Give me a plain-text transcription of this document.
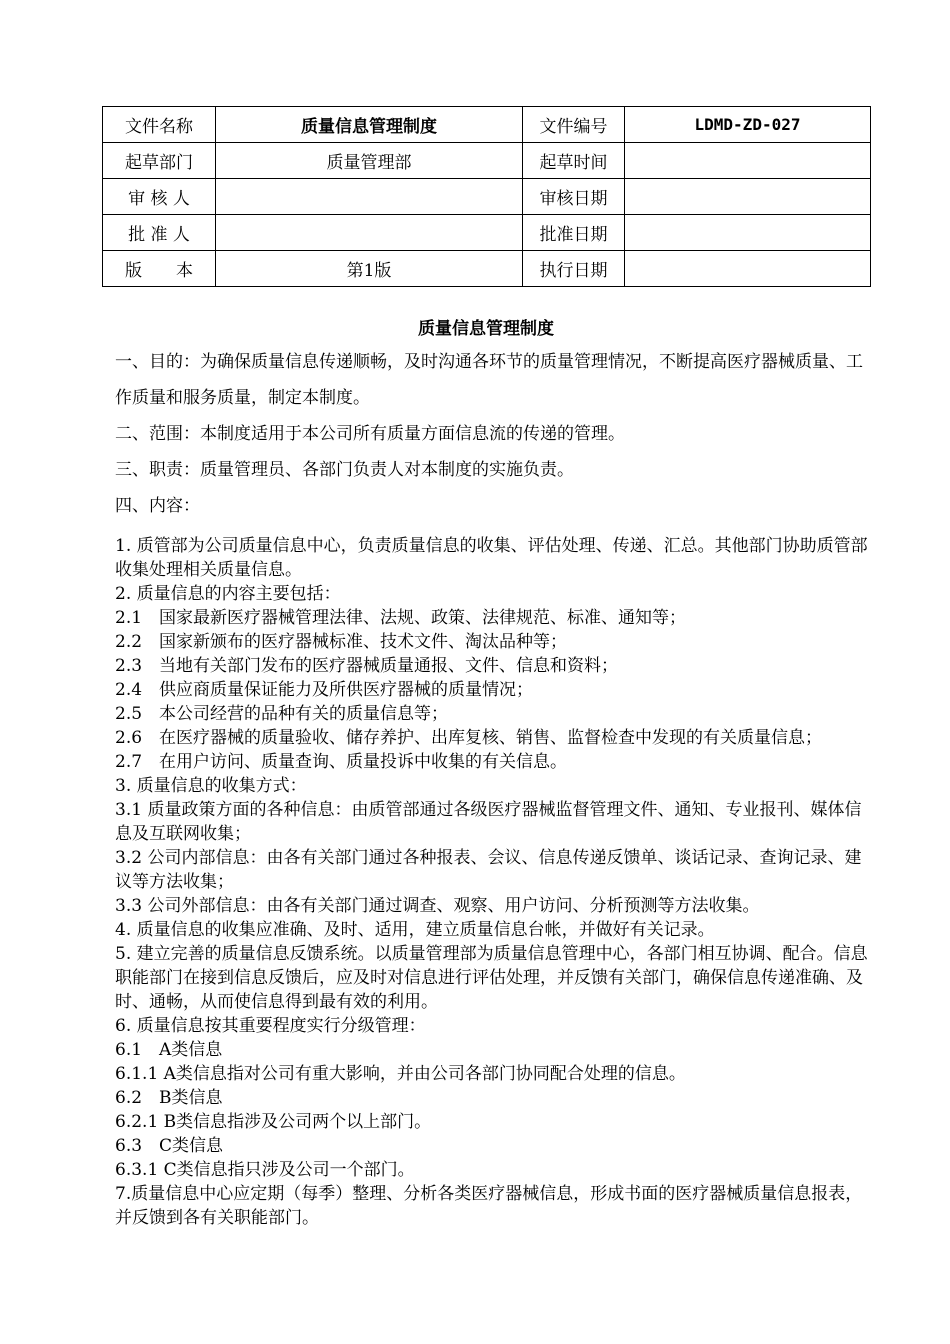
文件名称	质量信息管理制度	文件编号	LDMD-ZD-027
起草部门	质量管理部	起草时间	
审 核 人		审核日期	
批 准 人		批准日期	
版　　本	第1版	执行日期	
质量信息管理制度

一、目的：为确保质量信息传递顺畅，及时沟通各环节的质量管理情况，不断提高医疗器械质量、工作质量和服务质量，制定本制度。

二、范围：本制度适用于本公司所有质量方面信息流的传递的管理。

三、职责：质量管理员、各部门负责人对本制度的实施负责。

四、内容：

1. 质管部为公司质量信息中心，负责质量信息的收集、评估处理、传递、汇总。其他部门协助质管部收集处理相关质量信息。

2. 质量信息的内容主要包括：

2.1　国家最新医疗器械管理法律、法规、政策、法律规范、标准、通知等；

2.2　国家新颁布的医疗器械标准、技术文件、淘汰品种等；

2.3　当地有关部门发布的医疗器械质量通报、文件、信息和资料；

2.4　供应商质量保证能力及所供医疗器械的质量情况；

2.5　本公司经营的品种有关的质量信息等；

2.6　在医疗器械的质量验收、储存养护、出库复核、销售、监督检查中发现的有关质量信息；

2.7　在用户访问、质量查询、质量投诉中收集的有关信息。

3. 质量信息的收集方式：

3.1 质量政策方面的各种信息：由质管部通过各级医疗器械监督管理文件、通知、专业报刊、媒体信息及互联网收集；

3.2 公司内部信息：由各有关部门通过各种报表、会议、信息传递反馈单、谈话记录、查询记录、建议等方法收集；

3.3 公司外部信息：由各有关部门通过调查、观察、用户访问、分析预测等方法收集。

4. 质量信息的收集应准确、及时、适用，建立质量信息台帐，并做好有关记录。

5. 建立完善的质量信息反馈系统。以质量管理部为质量信息管理中心，各部门相互协调、配合。信息职能部门在接到信息反馈后，应及时对信息进行评估处理，并反馈有关部门，确保信息传递准确、及时、通畅，从而使信息得到最有效的利用。

6. 质量信息按其重要程度实行分级管理：

6.1　A类信息

6.1.1 A类信息指对公司有重大影响，并由公司各部门协同配合处理的信息。

6.2　B类信息

6.2.1 B类信息指涉及公司两个以上部门。

6.3　C类信息

6.3.1 C类信息指只涉及公司一个部门。

7.质量信息中心应定期（每季）整理、分析各类医疗器械信息，形成书面的医疗器械质量信息报表，并反馈到各有关职能部门。
